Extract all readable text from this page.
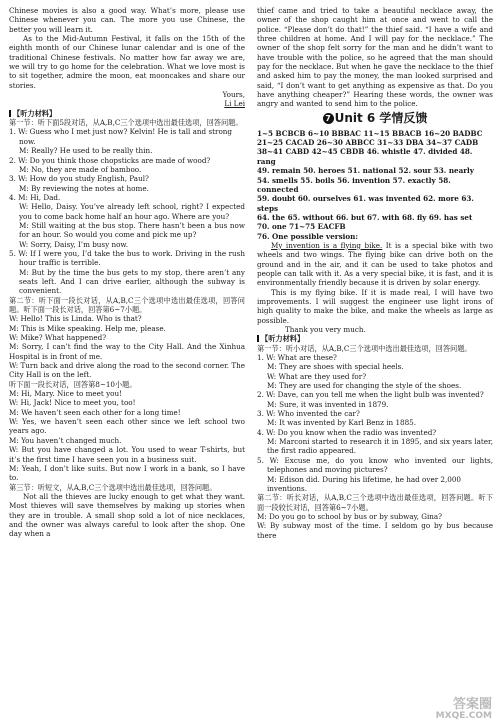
Chinese movies is also a good way. What’s more, please use Chinese whenever you can. The more you use Chinese, the better you will learn it.

As to the Mid-Autumn Festival, it falls on the 15th of the eighth month of our Chinese lunar calendar and is one of the traditional Chinese festivals. No matter how far away we are, we will try to go home for the celebration. What we love most is to sit together, admire the moon, eat mooncakes and share our stories.

Yours,

Li Lei

【听力材料】

第一节：听下面5段对话，从A,B,C三个选项中选出最佳选项，回答问题。

1. W: Guess who I met just now? Kelvin! He is tall and strong now.

M: Really? He used to be really thin.

2. W: Do you think those chopsticks are made of wood?

M: No, they are made of bamboo.

3. W: How do you study English, Paul?

M: By reviewing the notes at home.

4. M: Hi, Dad.

W: Hello, Daisy. You’ve already left school, right? I expected you to come back home half an hour ago. Where are you?

M: Still waiting at the bus stop. There hasn’t been a bus now for an hour. So would you come and pick me up?

W: Sorry, Daisy, I’m busy now.

5. W: If I were you, I’d take the bus to work. Driving in the rush hour traffic is terrible.

M: But by the time the bus gets to my stop, there aren’t any seats left. And I can drive earlier, although the subway is convenient.

第二节：听下面一段长对话，从A,B,C三个选项中选出最佳选项，回答问题。听下面一段长对话，回答第6~7小题。

W: Hello! This is Linda. Who is that?

M: This is Mike speaking. Help me, please.

W: Mike? What happened?

M: Sorry, I can’t find the way to the City Hall. And the Xinhua Hospital is in front of me.

W: Turn back and drive along the road to the second corner. The City Hall is on the left.

听下面一段长对话，回答第8~10小题。

M: Hi, Mary. Nice to meet you!

W: Hi, Jack! Nice to meet you, too!

M: We haven’t seen each other for a long time!

W: Yes, we haven’t seen each other since we left school two years ago.

M: You haven’t changed much.

W: But you have changed a lot. You used to wear T-shirts, but it’s the first time I have seen you in a business suit.

M: Yeah, I don’t like suits. But now I work in a bank, so I have to.

第三节：听短文，从A,B,C三个选项中选出最佳选项，回答问题。

Not all the thieves are lucky enough to get what they want. Most thieves will save themselves by making up stories when they are in trouble. A small shop sold a lot of nice necklaces, and the owner was always careful to look after the shop. One day when a

thief came and tried to take a beautiful necklace away, the owner of the shop caught him at once and went to call the police. “Please don’t do that!” the thief said. “I have a wife and three children at home. And I will pay for the necklace.” The owner of the shop felt sorry for the man and he didn’t want to have trouble with the police, so he agreed that the man should pay for the necklace. But when he gave the necklace to the thief and asked him to pay the money, the man looked surprised and said, “I don’t want to get anything as expensive as that. Do you have anything cheaper?” Hearing these words, the owner was angry and wanted to send him to the police.

7 Unit 6 学情反馈

1~5 BCBCB 6~10 BBBAC 11~15 BBACB 16~20 BADBC

21~25 CACAD 26~30 ABBCC 31~33 DBA 34~37 CADB

38~41 CABD 42~45 CBDB 46. whistle 47. divided 48. rang

49. remain 50. heroes 51. national 52. sour 53. nearly

54. smells 55. boils 56. invention 57. exactly 58. connected

59. doubt 60. ourselves 61. was invented 62. more 63. steps

64. the 65. without 66. but 67. with 68. fly 69. has set

70. one 71~75 EACFB

76. One possible version:

My invention is a flying bike. It is a special bike with two wheels and two wings. The flying bike can drive both on the ground and in the air, and it can be used to take photos and people can talk with it. As a very special bike, it is fast, and it is environmentally friendly because it is driven by solar energy.

This is my flying bike. If it is made real, I will have two improvements. I will suggest the engineer use light irons of high quality to make the bike, and make the wheels as large as possible.

Thank you very much.

【听力材料】

第一节：听小对话，从A,B,C三个选项中选出最佳选项，回答问题。

1. W: What are these?

M: They are shoes with special heels.

W: What are they used for?

M: They are used for changing the style of the shoes.

2. W: Dave, can you tell me when the light bulb was invented?

M: Sure, it was invented in 1879.

3. W: Who invented the car?

M: It was invented by Karl Benz in 1885.

4. W: Do you know when the radio was invented?

M: Marconi started to research it in 1895, and six years later, the first radio appeared.

5. W: Excuse me, do you know who invented our lights, telephones and moving pictures?

M: Edison did. During his lifetime, he had over 2,000 inventions.

第二节：听长对话，从A,B,C三个选项中选出最佳选项，回答问题。听下面一段较长对话，回答第6~7小题。

M: Do you go to school by bus or by subway, Gina?

W: By subway most of the time. I seldom go by bus because there

答案圈
MXQE.COM
